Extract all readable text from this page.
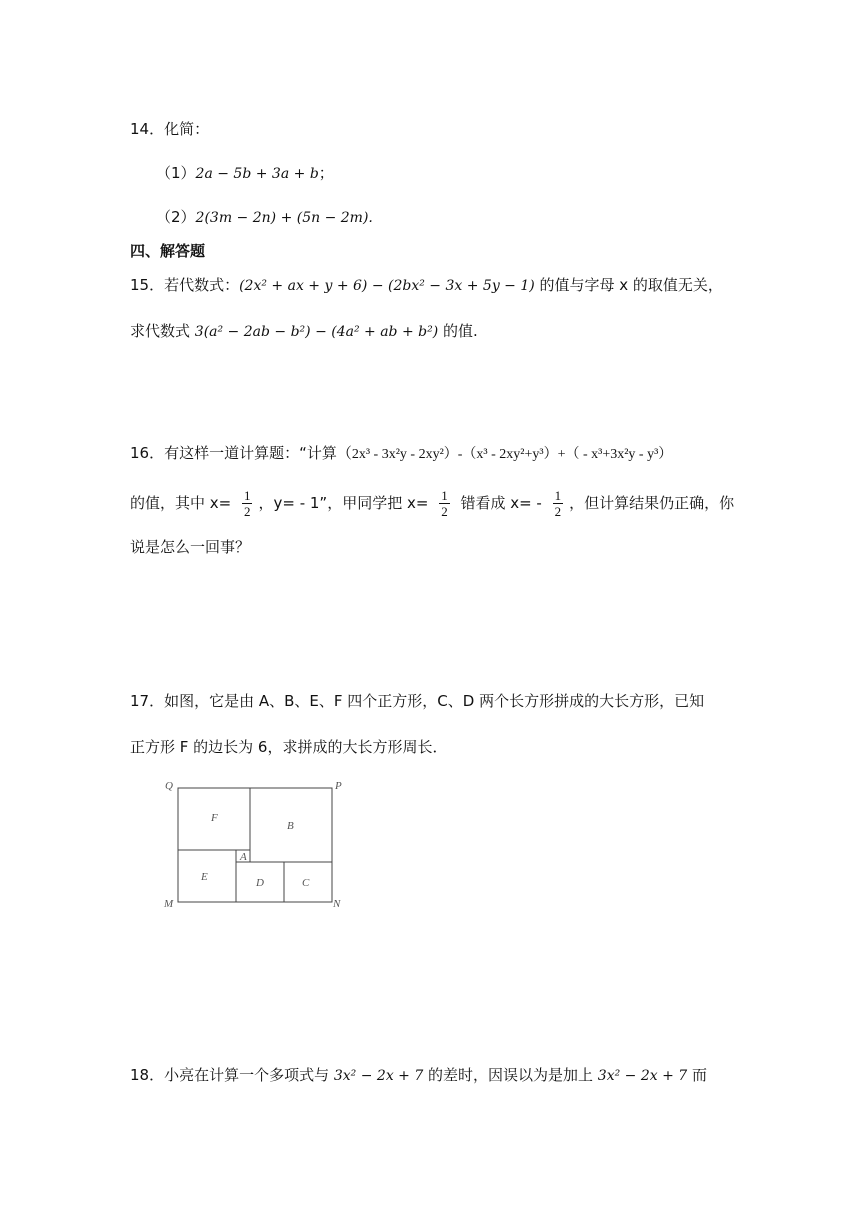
14．化简：
（1）2a − 5b + 3a + b；
（2）2(3m − 2n) + (5n − 2m).
四、解答题
15．若代数式：(2x² + ax + y + 6) − (2bx² − 3x + 5y − 1) 的值与字母 x 的取值无关，
求代数式 3(a² − 2ab − b²) − (4a² + ab + b²) 的值.
16．有这样一道计算题：“计算（2x³ - 3x²y - 2xy²）-（x³ - 2xy²+y³）+（ - x³+3x²y - y³）
的值，其中 $x= \frac{1}{2}$ ，y= - 1”，甲同学把 $x= \frac{1}{2}$ 错看成 $x= - \frac{1}{2}$ ，但计算结果仍正确，你
说是怎么一回事？
17．如图，它是由 A、B、E、F 四个正方形，C、D 两个长方形拼成的大长方形，已知
正方形 F 的边长为 6，求拼成的大长方形周长．
Q	P
M	N
F
B
A
E	D	C
18．小亮在计算一个多项式与 3x² − 2x + 7 的差时，因误以为是加上 3x² − 2x + 7 而
